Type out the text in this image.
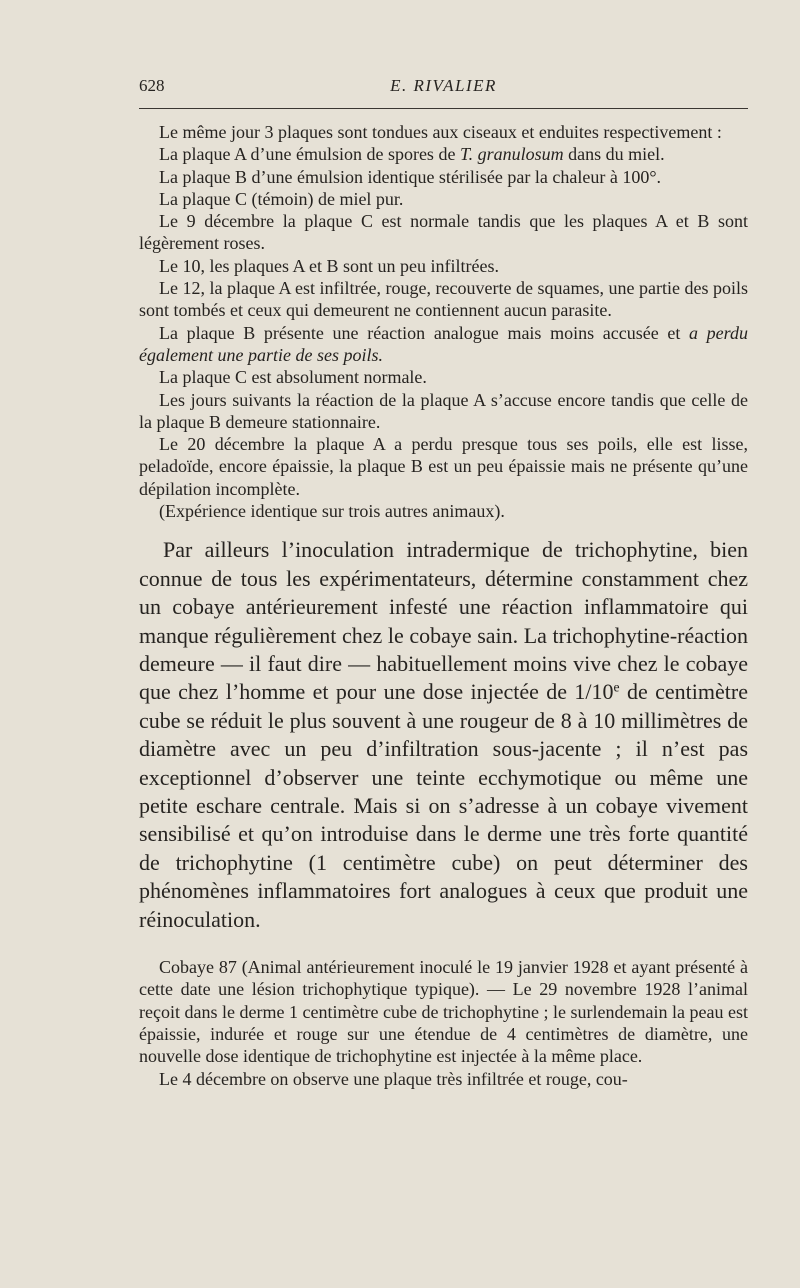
628	E. RIVALIER

Le même jour 3 plaques sont tondues aux ciseaux et enduites respectivement :

La plaque A d’une émulsion de spores de T. granulosum dans du miel.

La plaque B d’une émulsion identique stérilisée par la chaleur à 100°.

La plaque C (témoin) de miel pur.

Le 9 décembre la plaque C est normale tandis que les plaques A et B sont légèrement roses.

Le 10, les plaques A et B sont un peu infiltrées.

Le 12, la plaque A est infiltrée, rouge, recouverte de squames, une partie des poils sont tombés et ceux qui demeurent ne contiennent aucun parasite.

La plaque B présente une réaction analogue mais moins accusée et a perdu également une partie de ses poils.

La plaque C est absolument normale.

Les jours suivants la réaction de la plaque A s’accuse encore tandis que celle de la plaque B demeure stationnaire.

Le 20 décembre la plaque A a perdu presque tous ses poils, elle est lisse, peladoïde, encore épaissie, la plaque B est un peu épaissie mais ne présente qu’une dépilation incomplète.

(Expérience identique sur trois autres animaux).

Par ailleurs l’inoculation intradermique de trichophytine, bien connue de tous les expérimentateurs, détermine constamment chez un cobaye antérieurement infesté une réaction inflammatoire qui manque régulièrement chez le cobaye sain. La trichophytine-réaction demeure — il faut dire — habituellement moins vive chez le cobaye que chez l’homme et pour une dose injectée de 1/10e de centimètre cube se réduit le plus souvent à une rougeur de 8 à 10 millimètres de diamètre avec un peu d’infiltration sous-jacente ; il n’est pas exceptionnel d’observer une teinte ecchymotique ou même une petite eschare centrale. Mais si on s’adresse à un cobaye vivement sensibilisé et qu’on introduise dans le derme une très forte quantité de trichophytine (1 centimètre cube) on peut déterminer des phénomènes inflammatoires fort analogues à ceux que produit une réinoculation.

Cobaye 87 (Animal antérieurement inoculé le 19 janvier 1928 et ayant présenté à cette date une lésion trichophytique typique). — Le 29 novembre 1928 l’animal reçoit dans le derme 1 centimètre cube de trichophytine ; le surlendemain la peau est épaissie, indurée et rouge sur une étendue de 4 centimètres de diamètre, une nouvelle dose identique de trichophytine est injectée à la même place.

Le 4 décembre on observe une plaque très infiltrée et rouge, cou-
